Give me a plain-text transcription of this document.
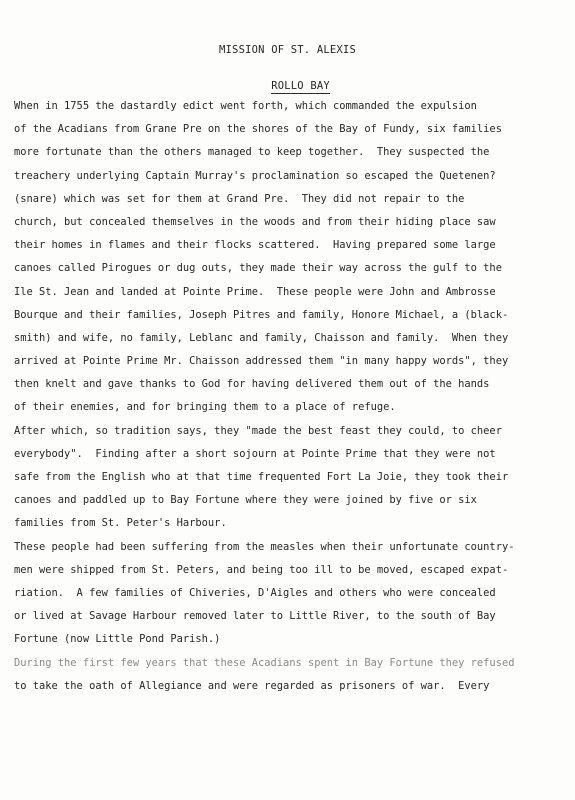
MISSION OF ST. ALEXIS

ROLLO BAY

When in 1755 the dastardly edict went forth, which commanded the expulsion
of the Acadians from Grane Pre on the shores of the Bay of Fundy, six families
more fortunate than the others managed to keep together.  They suspected the
treachery underlying Captain Murray's proclamination so escaped the Quetenen?
(snare) which was set for them at Grand Pre.  They did not repair to the
church, but concealed themselves in the woods and from their hiding place saw
their homes in flames and their flocks scattered.  Having prepared some large
canoes called Pirogues or dug outs, they made their way across the gulf to the
Ile St. Jean and landed at Pointe Prime.  These people were John and Ambrosse
Bourque and their families, Joseph Pitres and family, Honore Michael, a (black-
smith) and wife, no family, Leblanc and family, Chaisson and family.  When they
arrived at Pointe Prime Mr. Chaisson addressed them "in many happy words", they
then knelt and gave thanks to God for having delivered them out of the hands
of their enemies, and for bringing them to a place of refuge.
After which, so tradition says, they "made the best feast they could, to cheer
everybody".  Finding after a short sojourn at Pointe Prime that they were not
safe from the English who at that time frequented Fort La Joie, they took their
canoes and paddled up to Bay Fortune where they were joined by five or six
families from St. Peter's Harbour.
These people had been suffering from the measles when their unfortunate country-
men were shipped from St. Peters, and being too ill to be moved, escaped expat-
riation.  A few families of Chiveries, D'Aigles and others who were concealed
or lived at Savage Harbour removed later to Little River, to the south of Bay
Fortune (now Little Pond Parish.)
During the first few years that these Acadians spent in Bay Fortune they refused
to take the oath of Allegiance and were regarded as prisoners of war.  Every
